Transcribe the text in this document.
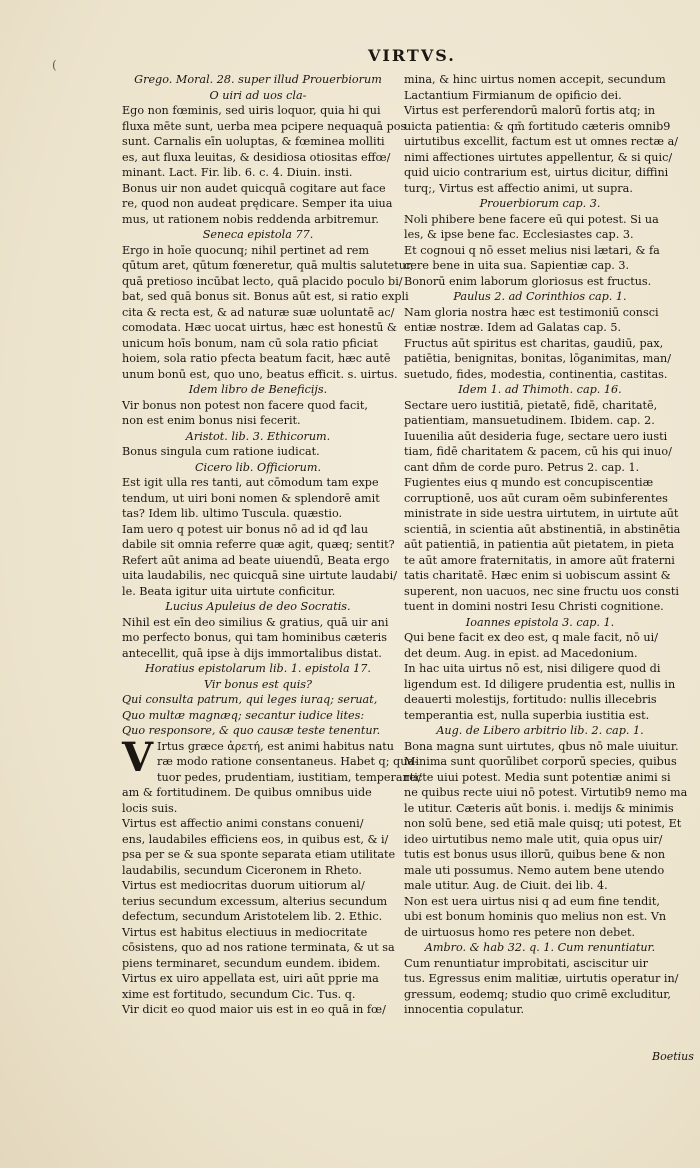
(	VIRTVS.
Grego. Moral. 28. super illud Prouerbiorum
O uiri ad uos cla-
Ego non fœminis, sed uiris loquor, quia hi qui
fluxa mēte sunt, uerba mea pcipere nequaquā pos
sunt. Carnalis eīn uoluptas, & fœminea molliti
es, aut fluxa leuitas, & desidiosa otiositas effœ/
minant. Lact. Fir. lib. 6. c. 4. Diuin. insti.
Bonus uir non audet quicquā cogitare aut face
re, quod non audeat prędicare. Semper ita uiua
mus, ut rationem nobis reddenda arbitremur.
Seneca epistola 77.
Ergo in hoīe quocunq; nihil pertinet ad rem
qūtum aret, qūtum fœneretur, quā multis salutetur,
quā pretioso incūbat lecto, quā placido poculo bi/
bat, sed quā bonus sit. Bonus aūt est, si ratio expli
cita & recta est, & ad naturæ suæ uoluntatē ac/
comodata. Hæc uocat uirtus, hæc est honestū &
unicum hoīs bonum, nam cū sola ratio pficiat
hoiem, sola ratio pfecta beatum facit, hæc autē
unum bonū est, quo uno, beatus efficit. s. uirtus.
Idem libro de Beneficijs.
Vir bonus non potest non facere quod facit,
non est enim bonus nisi fecerit.
Aristot. lib. 3. Ethicorum.
Bonus singula cum ratione iudicat.
Cicero lib. Officiorum.
Est igit ulla res tanti, aut cōmodum tam expe
tendum, ut uiri boni nomen & splendorē amit
tas? Idem lib. ultimo Tuscula. quæstio.
Iam uero q potest uir bonus nō ad id qđ lau
dabile sit omnia referre quæ agit, quæq; sentit?
Refert aūt anima ad beate uiuendū, Beata ergo
uita laudabilis, nec quicquā sine uirtute laudabi/
le. Beata igitur uita uirtute conficitur.
Lucius Apuleius de deo Socratis.
Nihil est eīn deo similius & gratius, quā uir ani
mo perfecto bonus, qui tam hominibus cæteris
antecellit, quā ipse à dijs immortalibus distat.
Horatius epistolarum lib. 1. epistola 17.
Vir bonus est quis?
Qui consulta patrum, qui leges iuraq; seruat,
Quo multæ magnæq; secantur iudice lites:
Quo responsore, & quo causæ teste tenentur.
V Irtus græce ἀρετή, est animi habitus natu
ræ modo ratione consentaneus. Habet q; qua-
tuor pedes, prudentiam, iustitiam, temperanti/
am & fortitudinem. De quibus omnibus uide
locis suis.
Virtus est affectio animi constans conueni/
ens, laudabiles efficiens eos, in quibus est, & i/
psa per se & sua sponte separata etiam utilitate
laudabilis, secundum Ciceronem in Rheto.
Virtus est mediocritas duorum uitiorum al/
terius secundum excessum, alterius secundum
defectum, secundum Aristotelem lib. 2. Ethic.
Virtus est habitus electiuus in mediocritate
cōsistens, quo ad nos ratione terminata, & ut sa
piens terminaret, secundum eundem. ibidem.
Virtus ex uiro appellata est, uiri aūt pprie ma
xime est fortitudo, secundum Cic. Tus. q.
Vir dicit eo quod maior uis est in eo quā in fœ/
mina, & hinc uirtus nomen accepit, secundum
Lactantium Firmianum de opificio dei.
Virtus est perferendorū malorū fortis atq; in
uicta patientia: & qm̄ fortitudo cæteris omnib9
uirtutibus excellit, factum est ut omnes rectæ a/
nimi affectiones uirtutes appellentur, & si quic/
quid uicio contrarium est, uirtus dicitur, diffini
turq;, Virtus est affectio animi, ut supra.
Prouerbiorum cap. 3.
Noli phibere bene facere eū qui potest. Si ua
les, & ipse bene fac. Ecclesiastes cap. 3.
Et cognoui q nō esset melius nisi lætari, & fa
cere bene in uita sua. Sapientiæ cap. 3.
Bonorū enim laborum gloriosus est fructus.
Paulus 2. ad Corinthios cap. 1.
Nam gloria nostra hæc est testimoniū consci
entiæ nostræ. Idem ad Galatas cap. 5.
Fructus aūt spiritus est charitas, gaudiū, pax,
patiētia, benignitas, bonitas, lōganimitas, man/
suetudo, fides, modestia, continentia, castitas.
Idem 1. ad Thimoth. cap. 16.
Sectare uero iustitiā, pietatē, fidē, charitatē,
patientiam, mansuetudinem. Ibidem. cap. 2.
Iuuenilia aūt desideria fuge, sectare uero iusti
tiam, fidē charitatem & pacem, cū his qui inuo/
cant dn̄m de corde puro. Petrus 2. cap. 1.
Fugientes eius q mundo est concupiscentiæ
corruptionē, uos aūt curam oēm subinferentes
ministrate in side uestra uirtutem, in uirtute aūt
scientiā, in scientia aūt abstinentiā, in abstinētia
aūt patientiā, in patientia aūt pietatem, in pieta
te aūt amore fraternitatis, in amore aūt fraterni
tatis charitatē. Hæc enim si uobiscum assint &
superent, non uacuos, nec sine fructu uos consti
tuent in domini nostri Iesu Christi cognitione.
Ioannes epistola 3. cap. 1.
Qui bene facit ex deo est, q male facit, nō ui/
det deum. Aug. in epist. ad Macedonium.
In hac uita uirtus nō est, nisi diligere quod di
ligendum est. Id diligere prudentia est, nullis in
deauerti molestijs, fortitudo: nullis illecebris
temperantia est, nulla superbia iustitia est.
Aug. de Libero arbitrio lib. 2. cap. 1.
Bona magna sunt uirtutes, qbus nō male uiuitur.
Minima sunt quorūlibet corporū species, quibus
recte uiui potest. Media sunt potentiæ animi si
ne quibus recte uiui nō potest. Virtutib9 nemo ma
le utitur. Cæteris aūt bonis. i. medijs & minimis
non solū bene, sed etiā male quisq; uti potest, Et
ideo uirtutibus nemo male utit, quia opus uir/
tutis est bonus usus illorū, quibus bene & non
male uti possumus. Nemo autem bene utendo
male utitur. Aug. de Ciuit. dei lib. 4.
Non est uera uirtus nisi q ad eum fine tendit,
ubi est bonum hominis quo melius non est. Vn
de uirtuosus homo res petere non debet.
Ambro. & hab 32. q. 1. Cum renuntiatur.
Cum renuntiatur improbitati, asciscitur uir
tus. Egressus enim malitiæ, uirtutis operatur in/
gressum, eodemq; studio quo crimē excluditur,
innocentia copulatur.
Boetius
